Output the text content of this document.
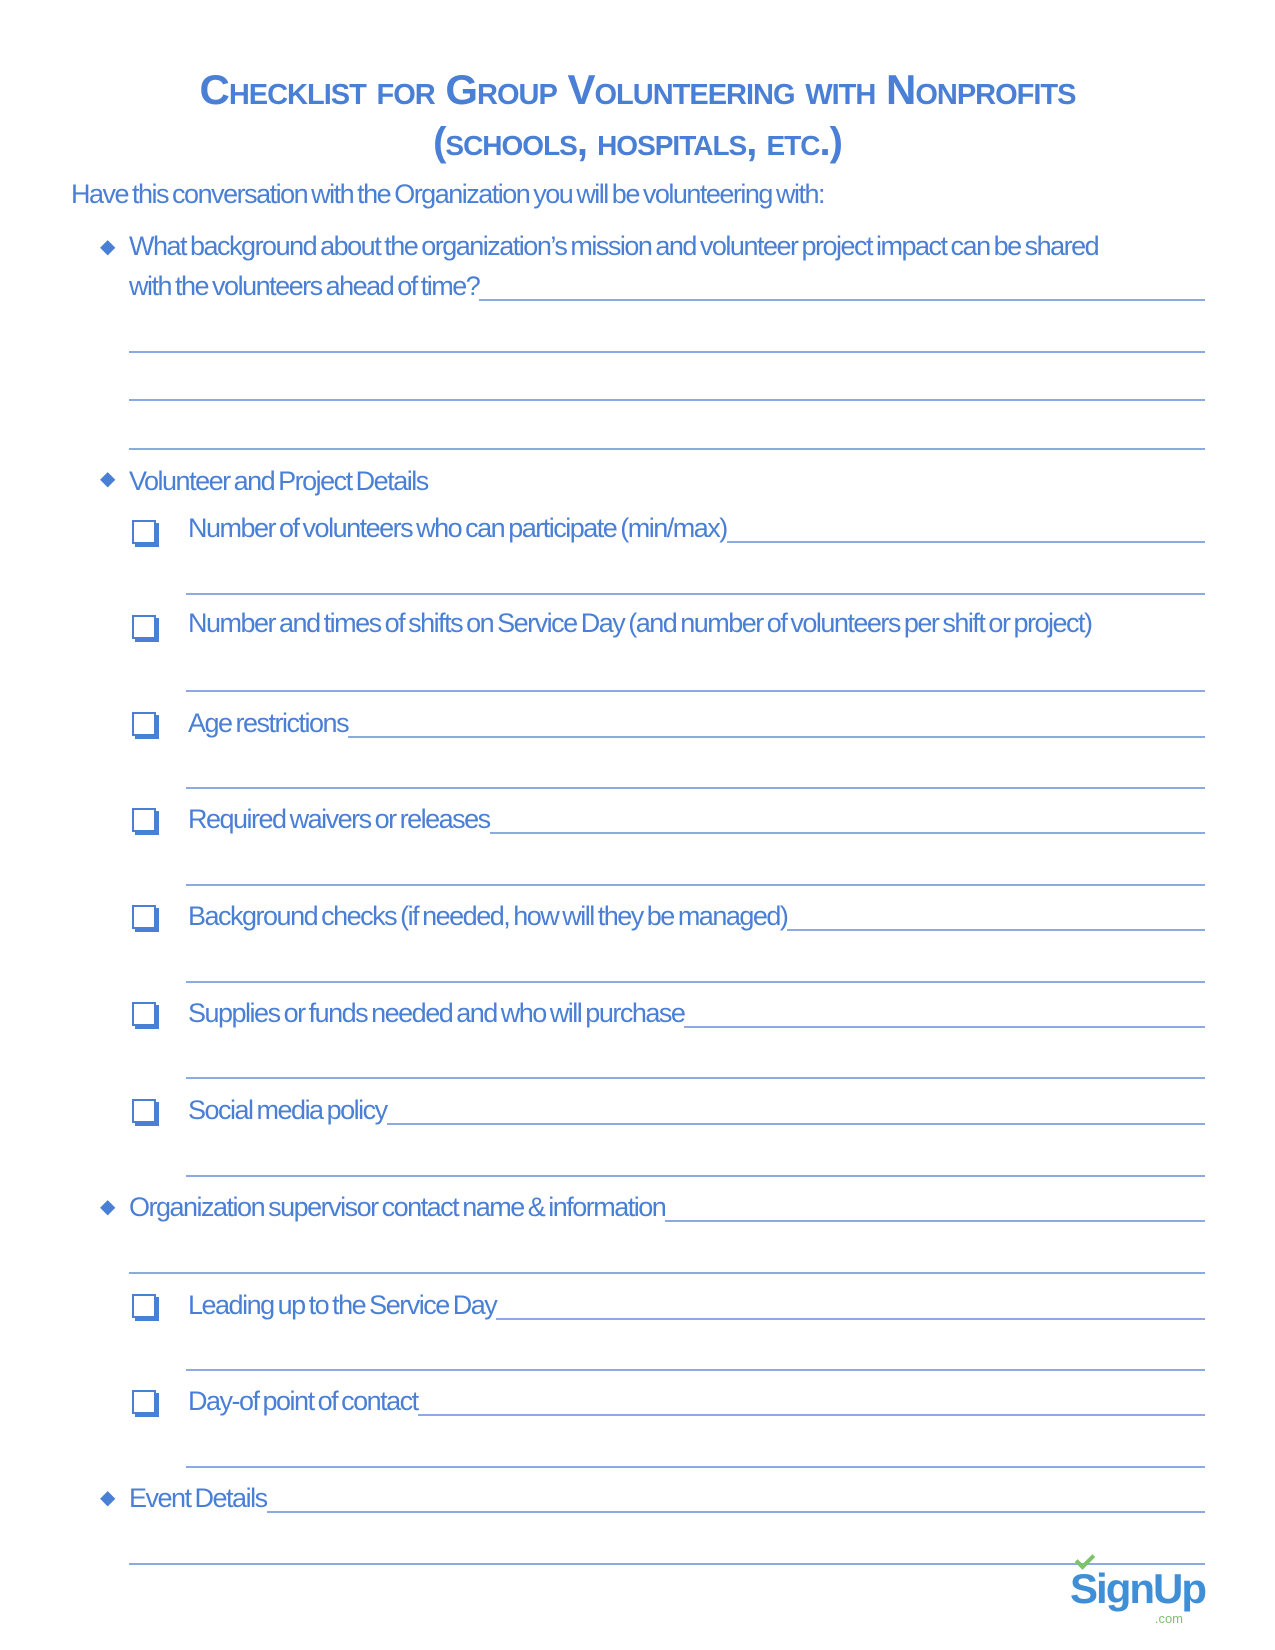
Checklist for Group Volunteering with Nonprofits
(schools, hospitals, etc.)
Have this conversation with the Organization you will be volunteering with:
◆ What background about the organization’s mission and volunteer project impact can be shared
with the volunteers ahead of time?
◆ Volunteer and Project Details
Number of volunteers who can participate (min/max)
Number and times of shifts on Service Day (and number of volunteers per shift or project)
Age restrictions
Required waivers or releases
Background checks (if needed, how will they be managed)
Supplies or funds needed and who will purchase
Social media policy
◆ Organization supervisor contact name & information
Leading up to the Service Day
Day-of point of contact
◆ Event Details
SignUp
.com
